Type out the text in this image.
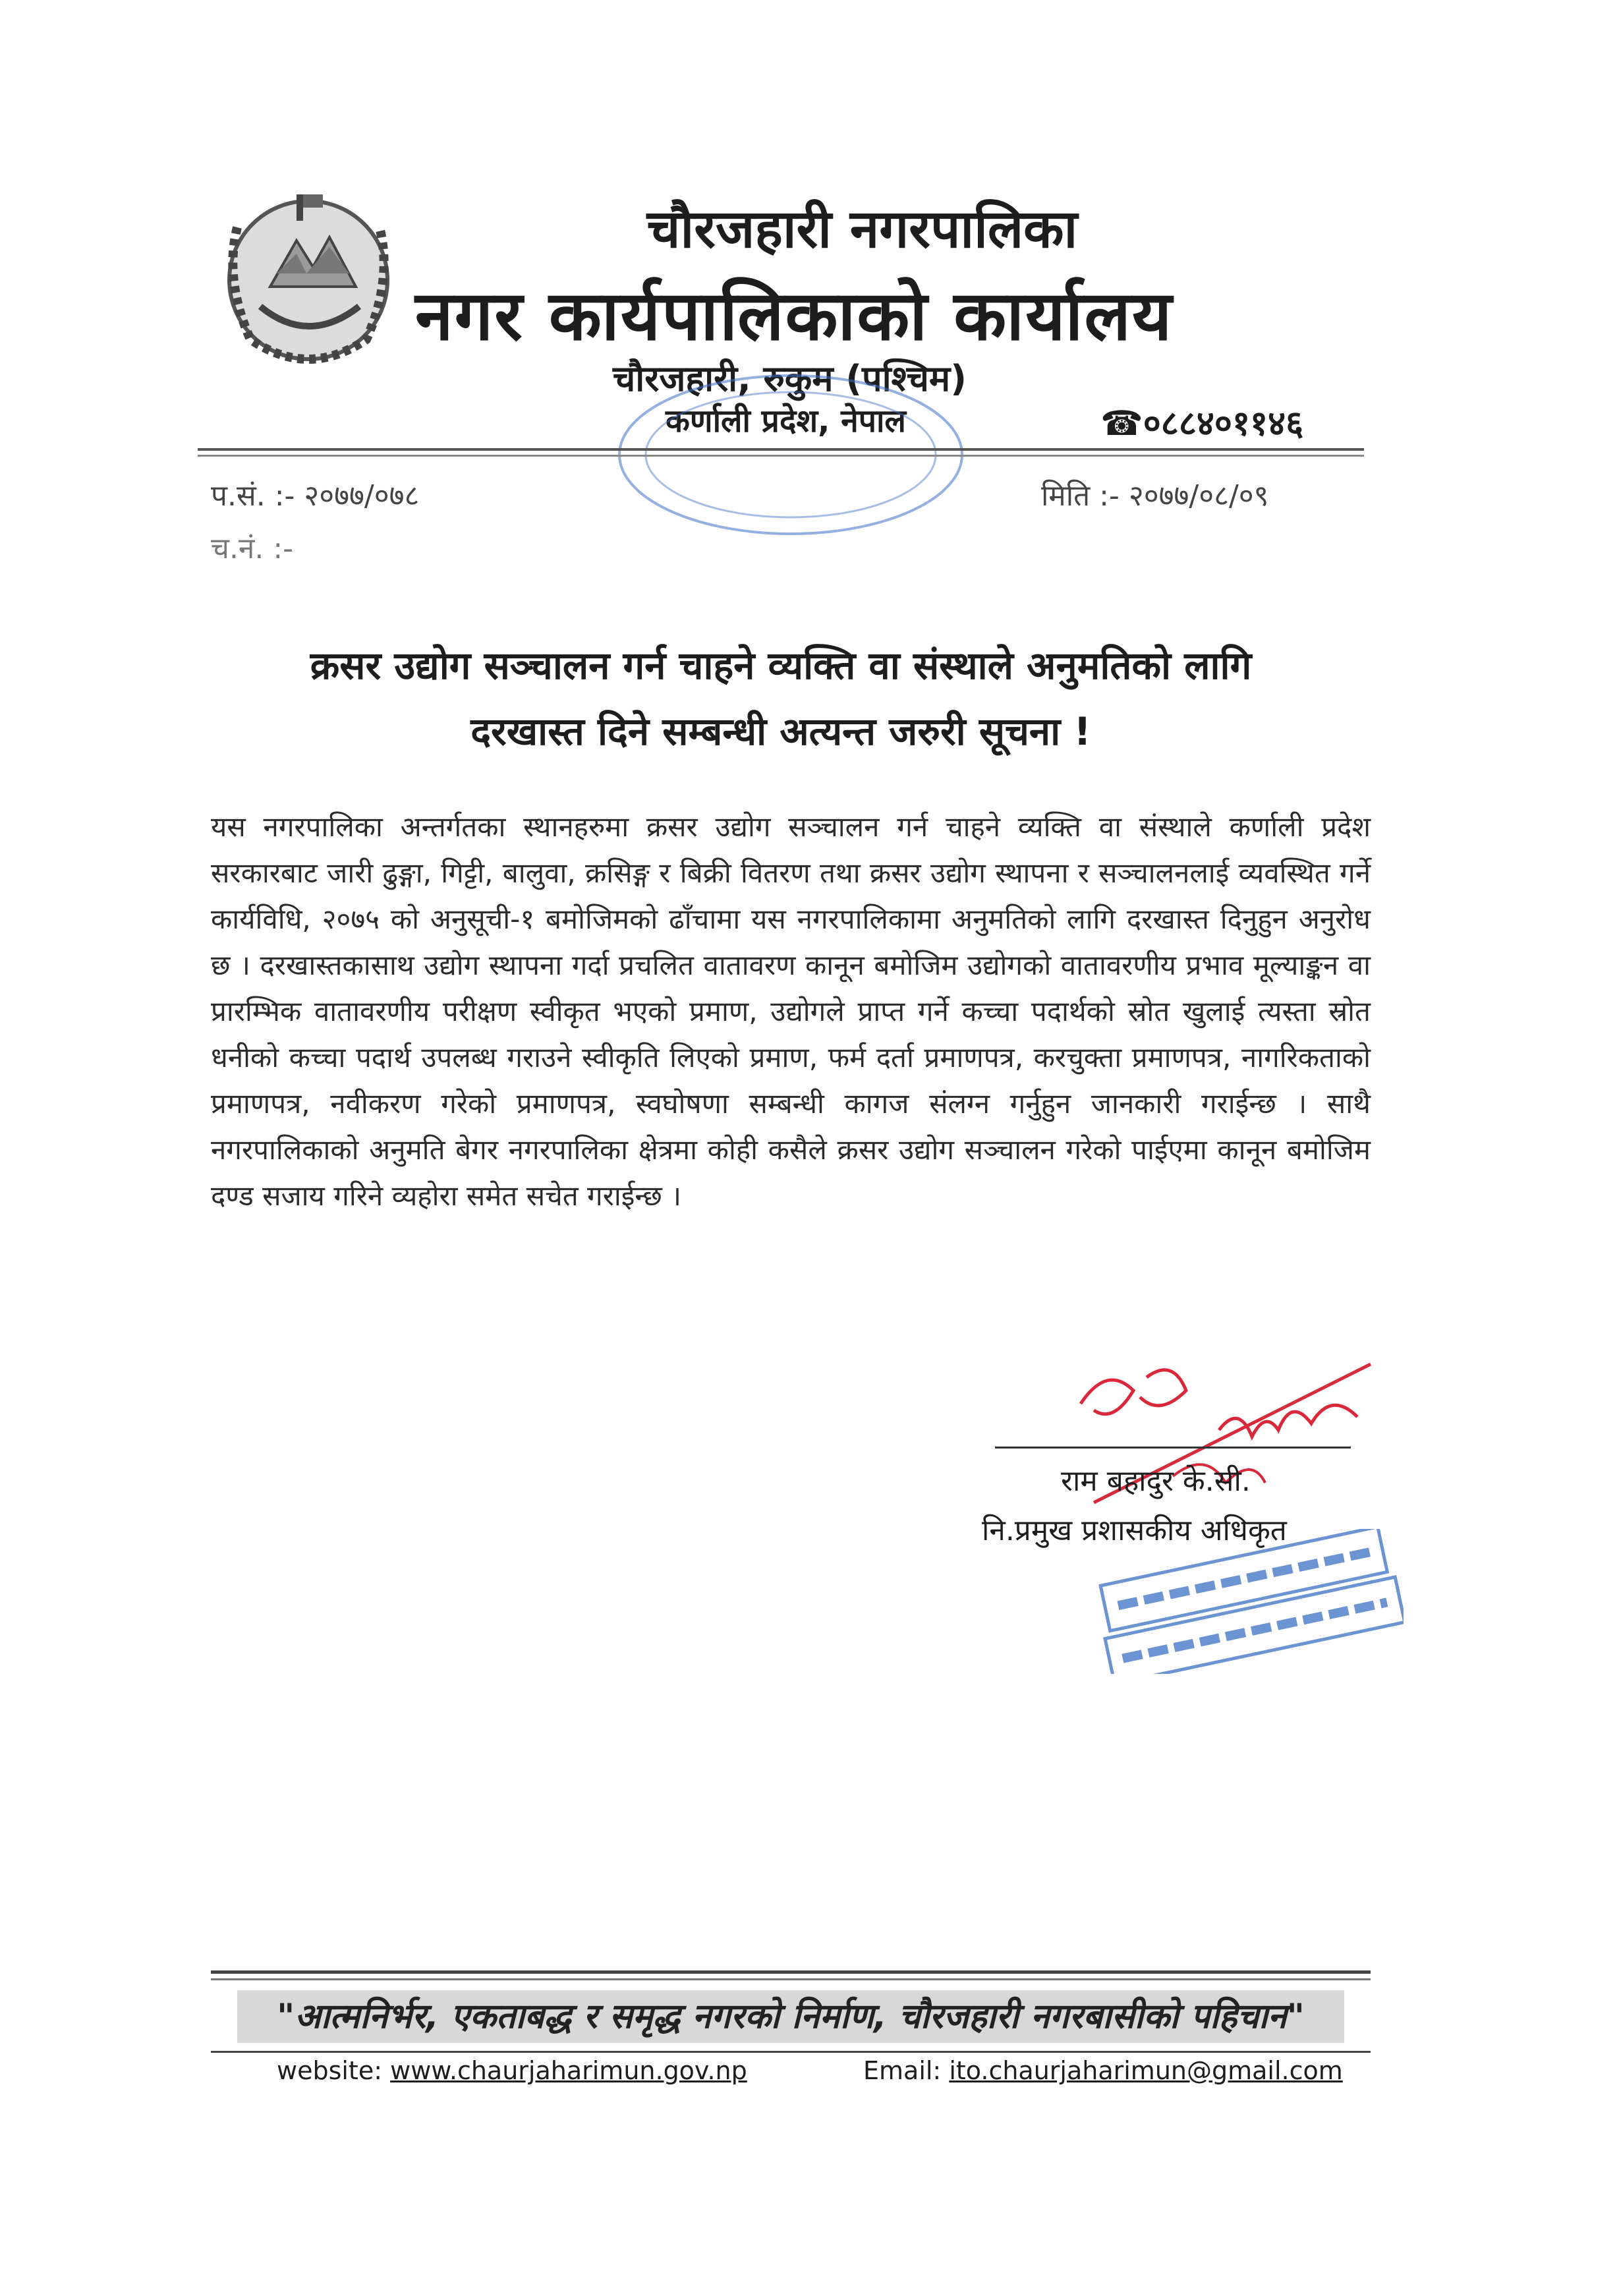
चौरजहारी नगरपालिका
नगर कार्यपालिकाको कार्यालय
चौरजहारी, रुकुम (पश्चिम)
कर्णाली प्रदेश, नेपाल	☎०८८४०११४६
प.सं. :- २०७७/०७८
च.नं. :-
मिति :- २०७७/०८/०९
क्रसर उद्योग सञ्चालन गर्न चाहने व्यक्ति वा संस्थाले अनुमतिको लागि
दरखास्त दिने सम्बन्धी अत्यन्त जरुरी सूचना !
यस नगरपालिका अन्तर्गतका स्थानहरुमा क्रसर उद्योग सञ्चालन गर्न चाहने व्यक्ति वा संस्थाले कर्णाली प्रदेश सरकारबाट जारी ढुङ्गा, गिट्टी, बालुवा, क्रसिङ्ग र बिक्री वितरण तथा क्रसर उद्योग स्थापना र सञ्चालनलाई व्यवस्थित गर्ने कार्यविधि, २०७५ को अनुसूची-१ बमोजिमको ढाँचामा यस नगरपालिकामा अनुमतिको लागि दरखास्त दिनुहुन अनुरोध छ । दरखास्तकासाथ उद्योग स्थापना गर्दा प्रचलित वातावरण कानून बमोजिम उद्योगको वातावरणीय प्रभाव मूल्याङ्कन वा प्रारम्भिक वातावरणीय परीक्षण स्वीकृत भएको प्रमाण, उद्योगले प्राप्त गर्ने कच्चा पदार्थको स्रोत खुलाई त्यस्ता स्रोत धनीको कच्चा पदार्थ उपलब्ध गराउने स्वीकृति लिएको प्रमाण, फर्म दर्ता प्रमाणपत्र, करचुक्ता प्रमाणपत्र, नागरिकताको प्रमाणपत्र, नवीकरण गरेको प्रमाणपत्र, स्वघोषणा सम्बन्धी कागज संलग्न गर्नुहुन जानकारी गराईन्छ । साथै नगरपालिकाको अनुमति बेगर नगरपालिका क्षेत्रमा कोही कसैले क्रसर उद्योग सञ्चालन गरेको पाईएमा कानून बमोजिम दण्ड सजाय गरिने व्यहोरा समेत सचेत गराईन्छ ।
राम बहादुर के.सी.
नि.प्रमुख प्रशासकीय अधिकृत
"आत्मनिर्भर, एकताबद्ध र समृद्ध नगरको निर्माण, चौरजहारी नगरबासीको पहिचान"
website: www.chaurjaharimun.gov.np	Email: ito.chaurjaharimun@gmail.com
